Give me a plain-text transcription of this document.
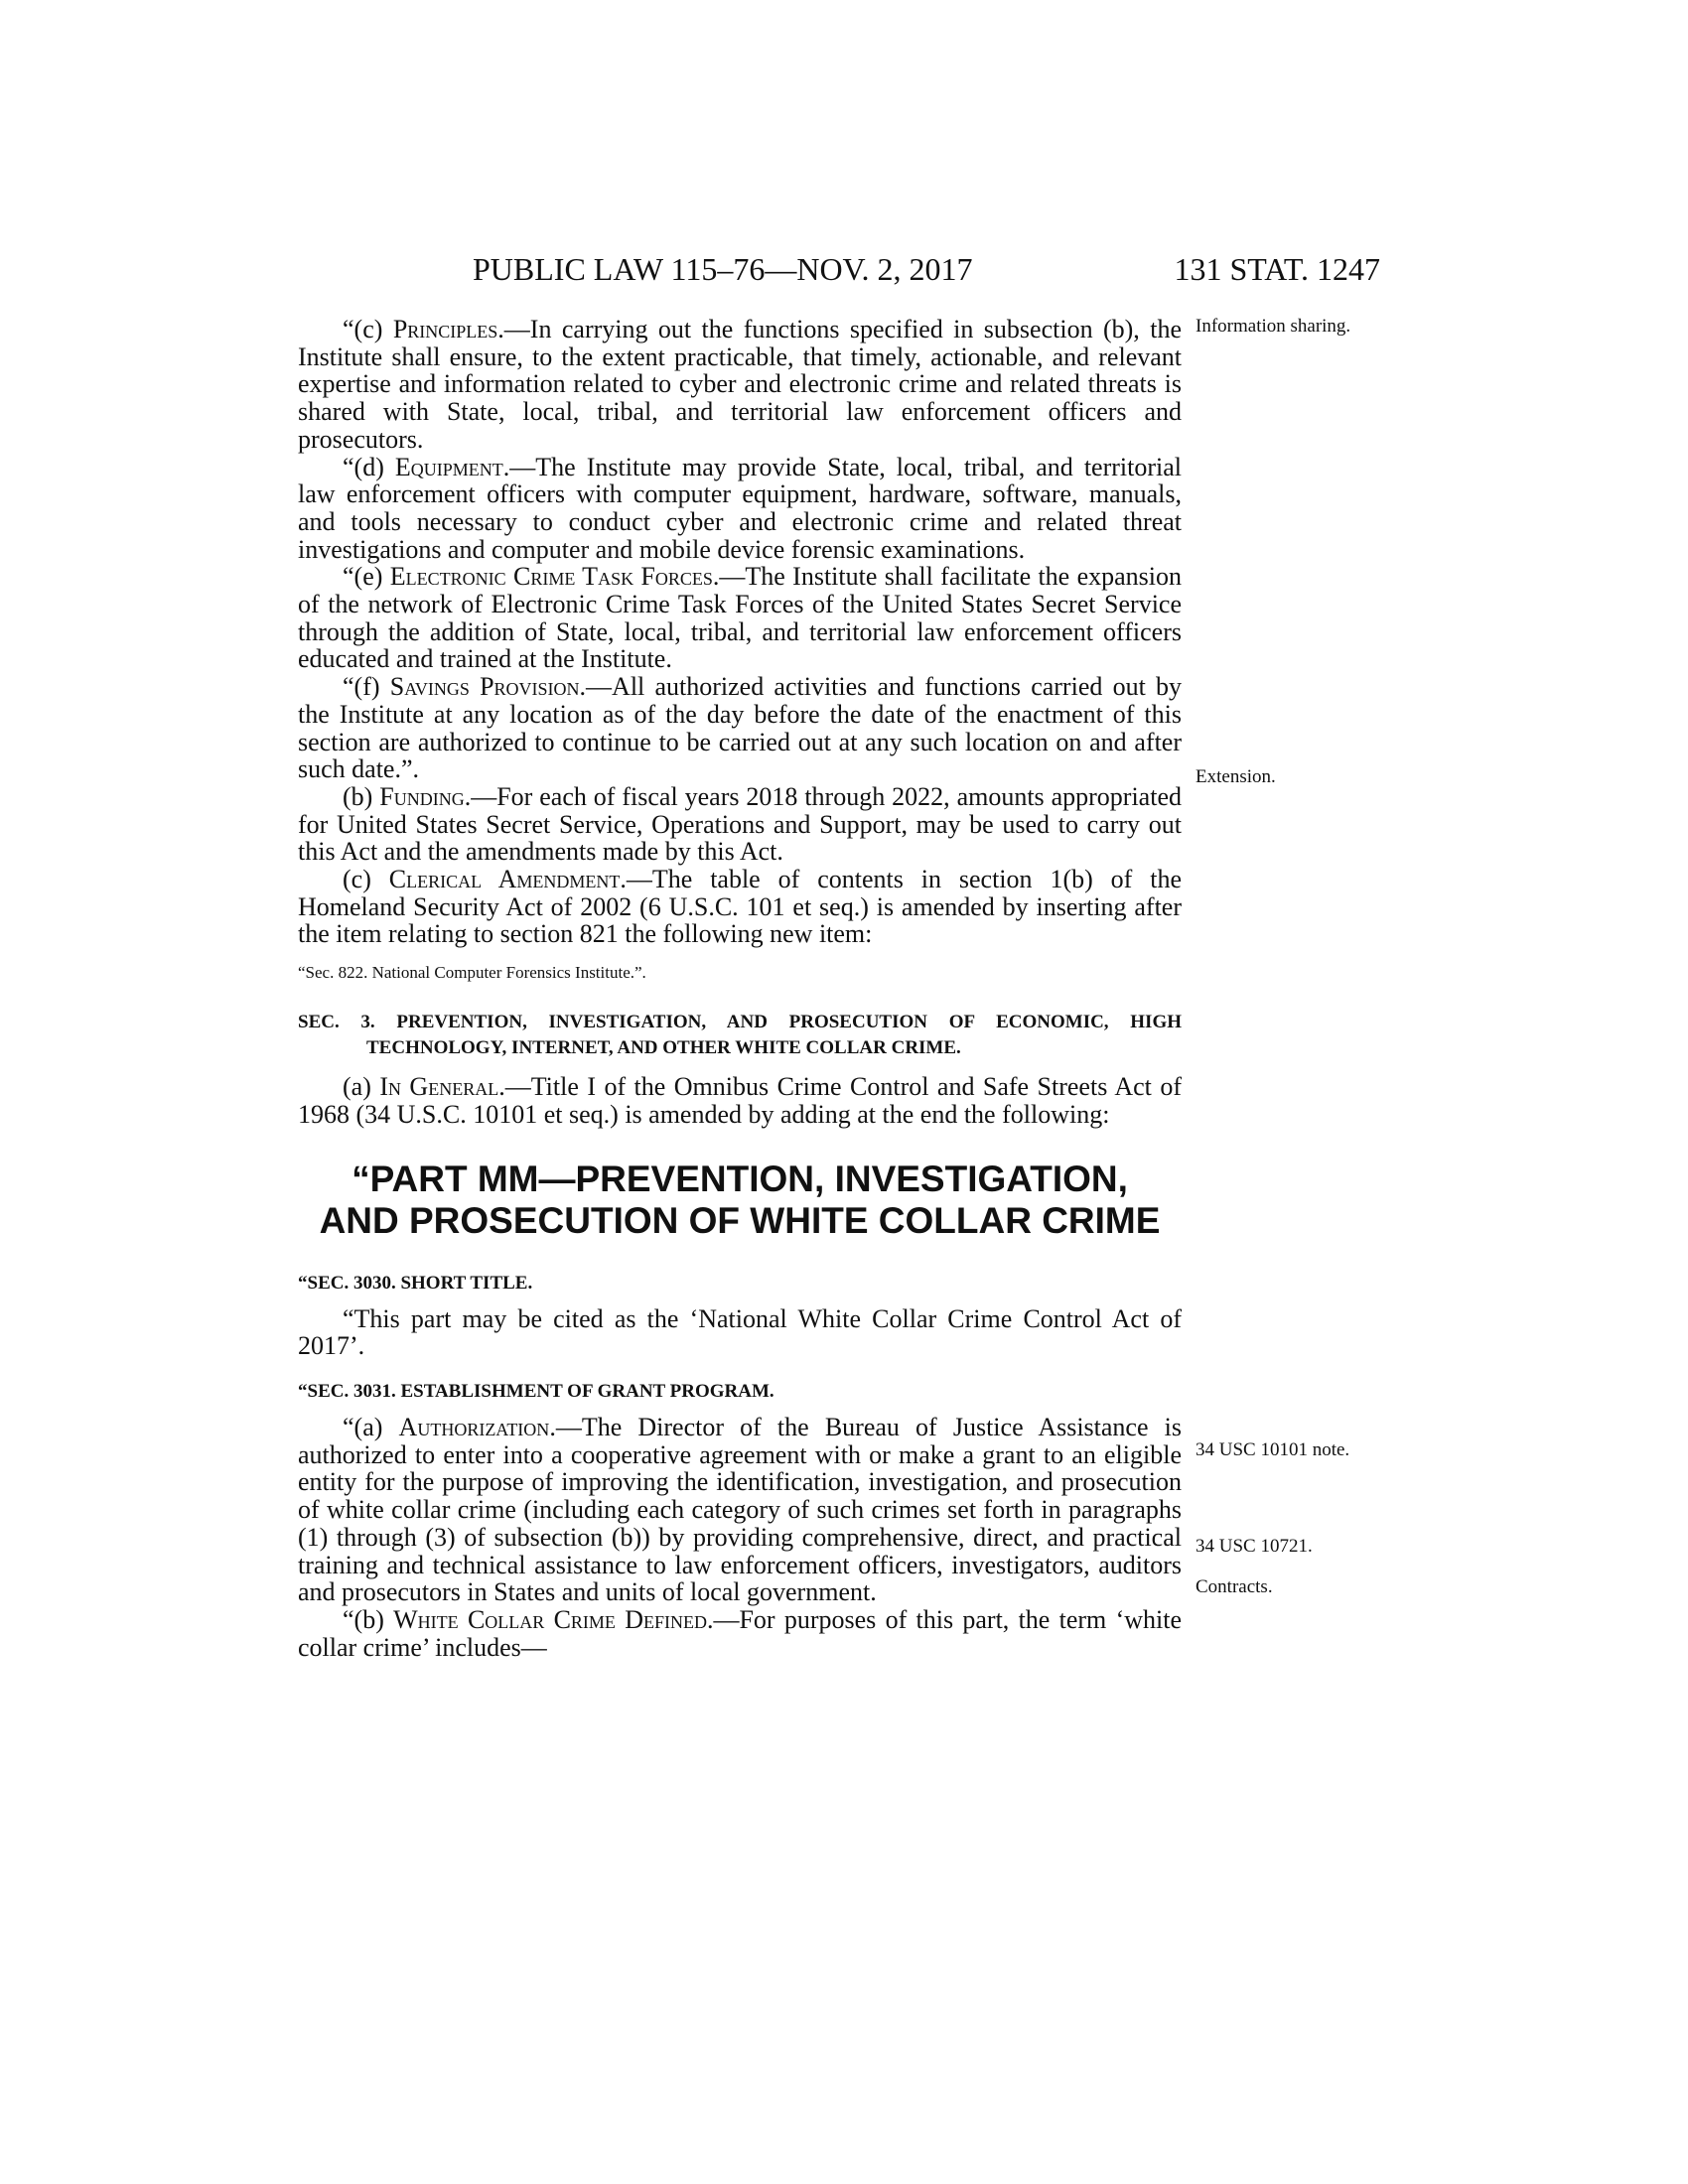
PUBLIC LAW 115–76—NOV. 2, 2017	131 STAT. 1247
Information sharing.
Extension.
34 USC 10101 note.
34 USC 10721.
Contracts.

“(c) Principles.—In carrying out the functions specified in subsection (b), the Institute shall ensure, to the extent practicable, that timely, actionable, and relevant expertise and information related to cyber and electronic crime and related threats is shared with State, local, tribal, and territorial law enforcement officers and prosecutors.

“(d) Equipment.—The Institute may provide State, local, tribal, and territorial law enforcement officers with computer equipment, hardware, software, manuals, and tools necessary to conduct cyber and electronic crime and related threat investigations and computer and mobile device forensic examinations.

“(e) Electronic Crime Task Forces.—The Institute shall facilitate the expansion of the network of Electronic Crime Task Forces of the United States Secret Service through the addition of State, local, tribal, and territorial law enforcement officers educated and trained at the Institute.

“(f) Savings Provision.—All authorized activities and functions carried out by the Institute at any location as of the day before the date of the enactment of this section are authorized to continue to be carried out at any such location on and after such date.”.

(b) Funding.—For each of fiscal years 2018 through 2022, amounts appropriated for United States Secret Service, Operations and Support, may be used to carry out this Act and the amendments made by this Act.

(c) Clerical Amendment.—The table of contents in section 1(b) of the Homeland Security Act of 2002 (6 U.S.C. 101 et seq.) is amended by inserting after the item relating to section 821 the following new item:

“Sec. 822. National Computer Forensics Institute.”.

SEC. 3. PREVENTION, INVESTIGATION, AND PROSECUTION OF ECONOMIC, HIGH TECHNOLOGY, INTERNET, AND OTHER WHITE COLLAR CRIME.

(a) In General.—Title I of the Omnibus Crime Control and Safe Streets Act of 1968 (34 U.S.C. 10101 et seq.) is amended by adding at the end the following:

“PART MM—PREVENTION, INVESTIGATION,
AND PROSECUTION OF WHITE COLLAR CRIME

“SEC. 3030. SHORT TITLE.

“This part may be cited as the ‘National White Collar Crime Control Act of 2017’.

“SEC. 3031. ESTABLISHMENT OF GRANT PROGRAM.

“(a) Authorization.—The Director of the Bureau of Justice Assistance is authorized to enter into a cooperative agreement with or make a grant to an eligible entity for the purpose of improving the identification, investigation, and prosecution of white collar crime (including each category of such crimes set forth in paragraphs (1) through (3) of subsection (b)) by providing comprehensive, direct, and practical training and technical assistance to law enforcement officers, investigators, auditors and prosecutors in States and units of local government.

“(b) White Collar Crime Defined.—For purposes of this part, the term ‘white collar crime’ includes—
